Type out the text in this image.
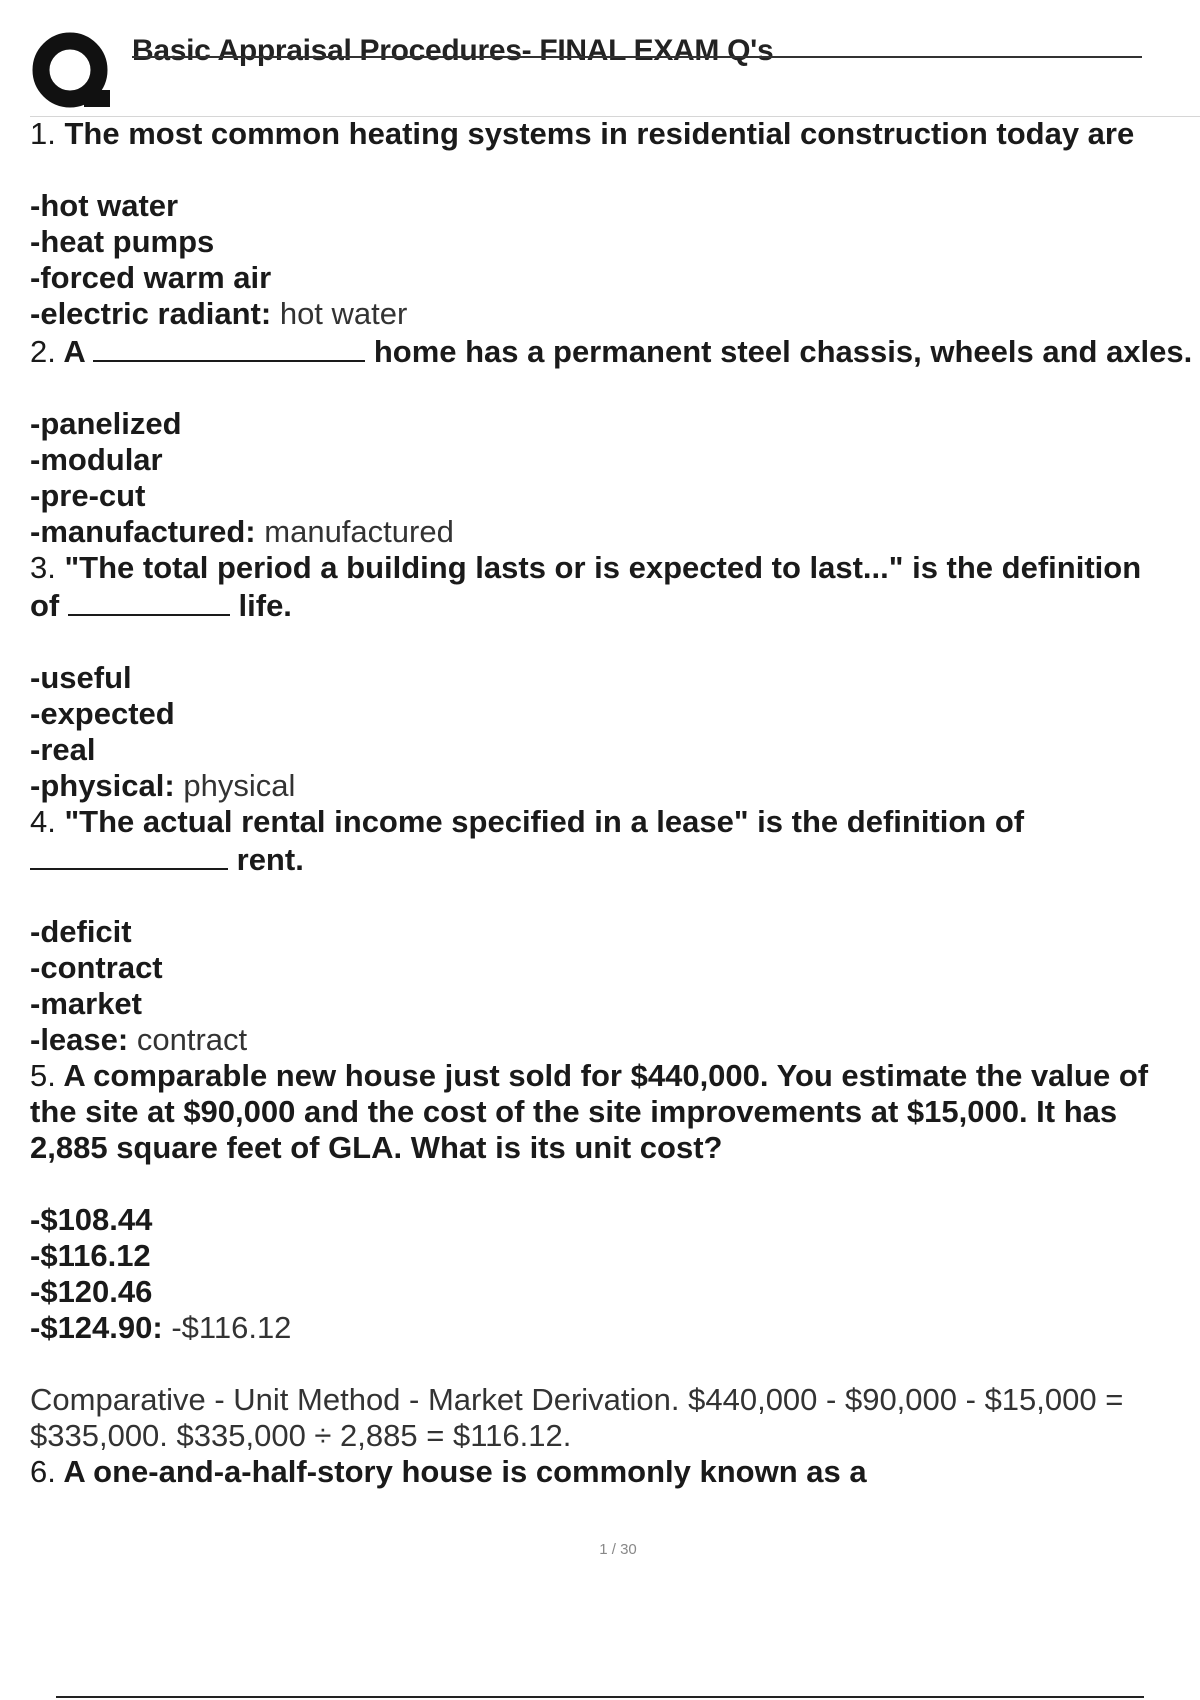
Basic Appraisal Procedures- FINAL EXAM Q's
1. The most common heating systems in residential construction today are
-hot water
-heat pumps
-forced warm air
-electric radiant: hot water
2. A	home has a permanent steel chassis, wheels and axles.
-panelized
-modular
-pre-cut
-manufactured: manufactured
3. "The total period a building lasts or is expected to last..." is the definition
of	life.
-useful
-expected
-real
-physical: physical
4. "The actual rental income specified in a lease" is the definition of
rent.
-deficit
-contract
-market
-lease: contract
5. A comparable new house just sold for $440,000. You estimate the value of the site at $90,000 and the cost of the site improvements at $15,000. It has 2,885 square feet of GLA. What is its unit cost?
-$108.44
-$116.12
-$120.46
-$124.90: -$116.12
Comparative - Unit Method - Market Derivation. $440,000 - $90,000 - $15,000 = $335,000. $335,000 ÷ 2,885 = $116.12.
6. A one-and-a-half-story house is commonly known as a
1 / 30
